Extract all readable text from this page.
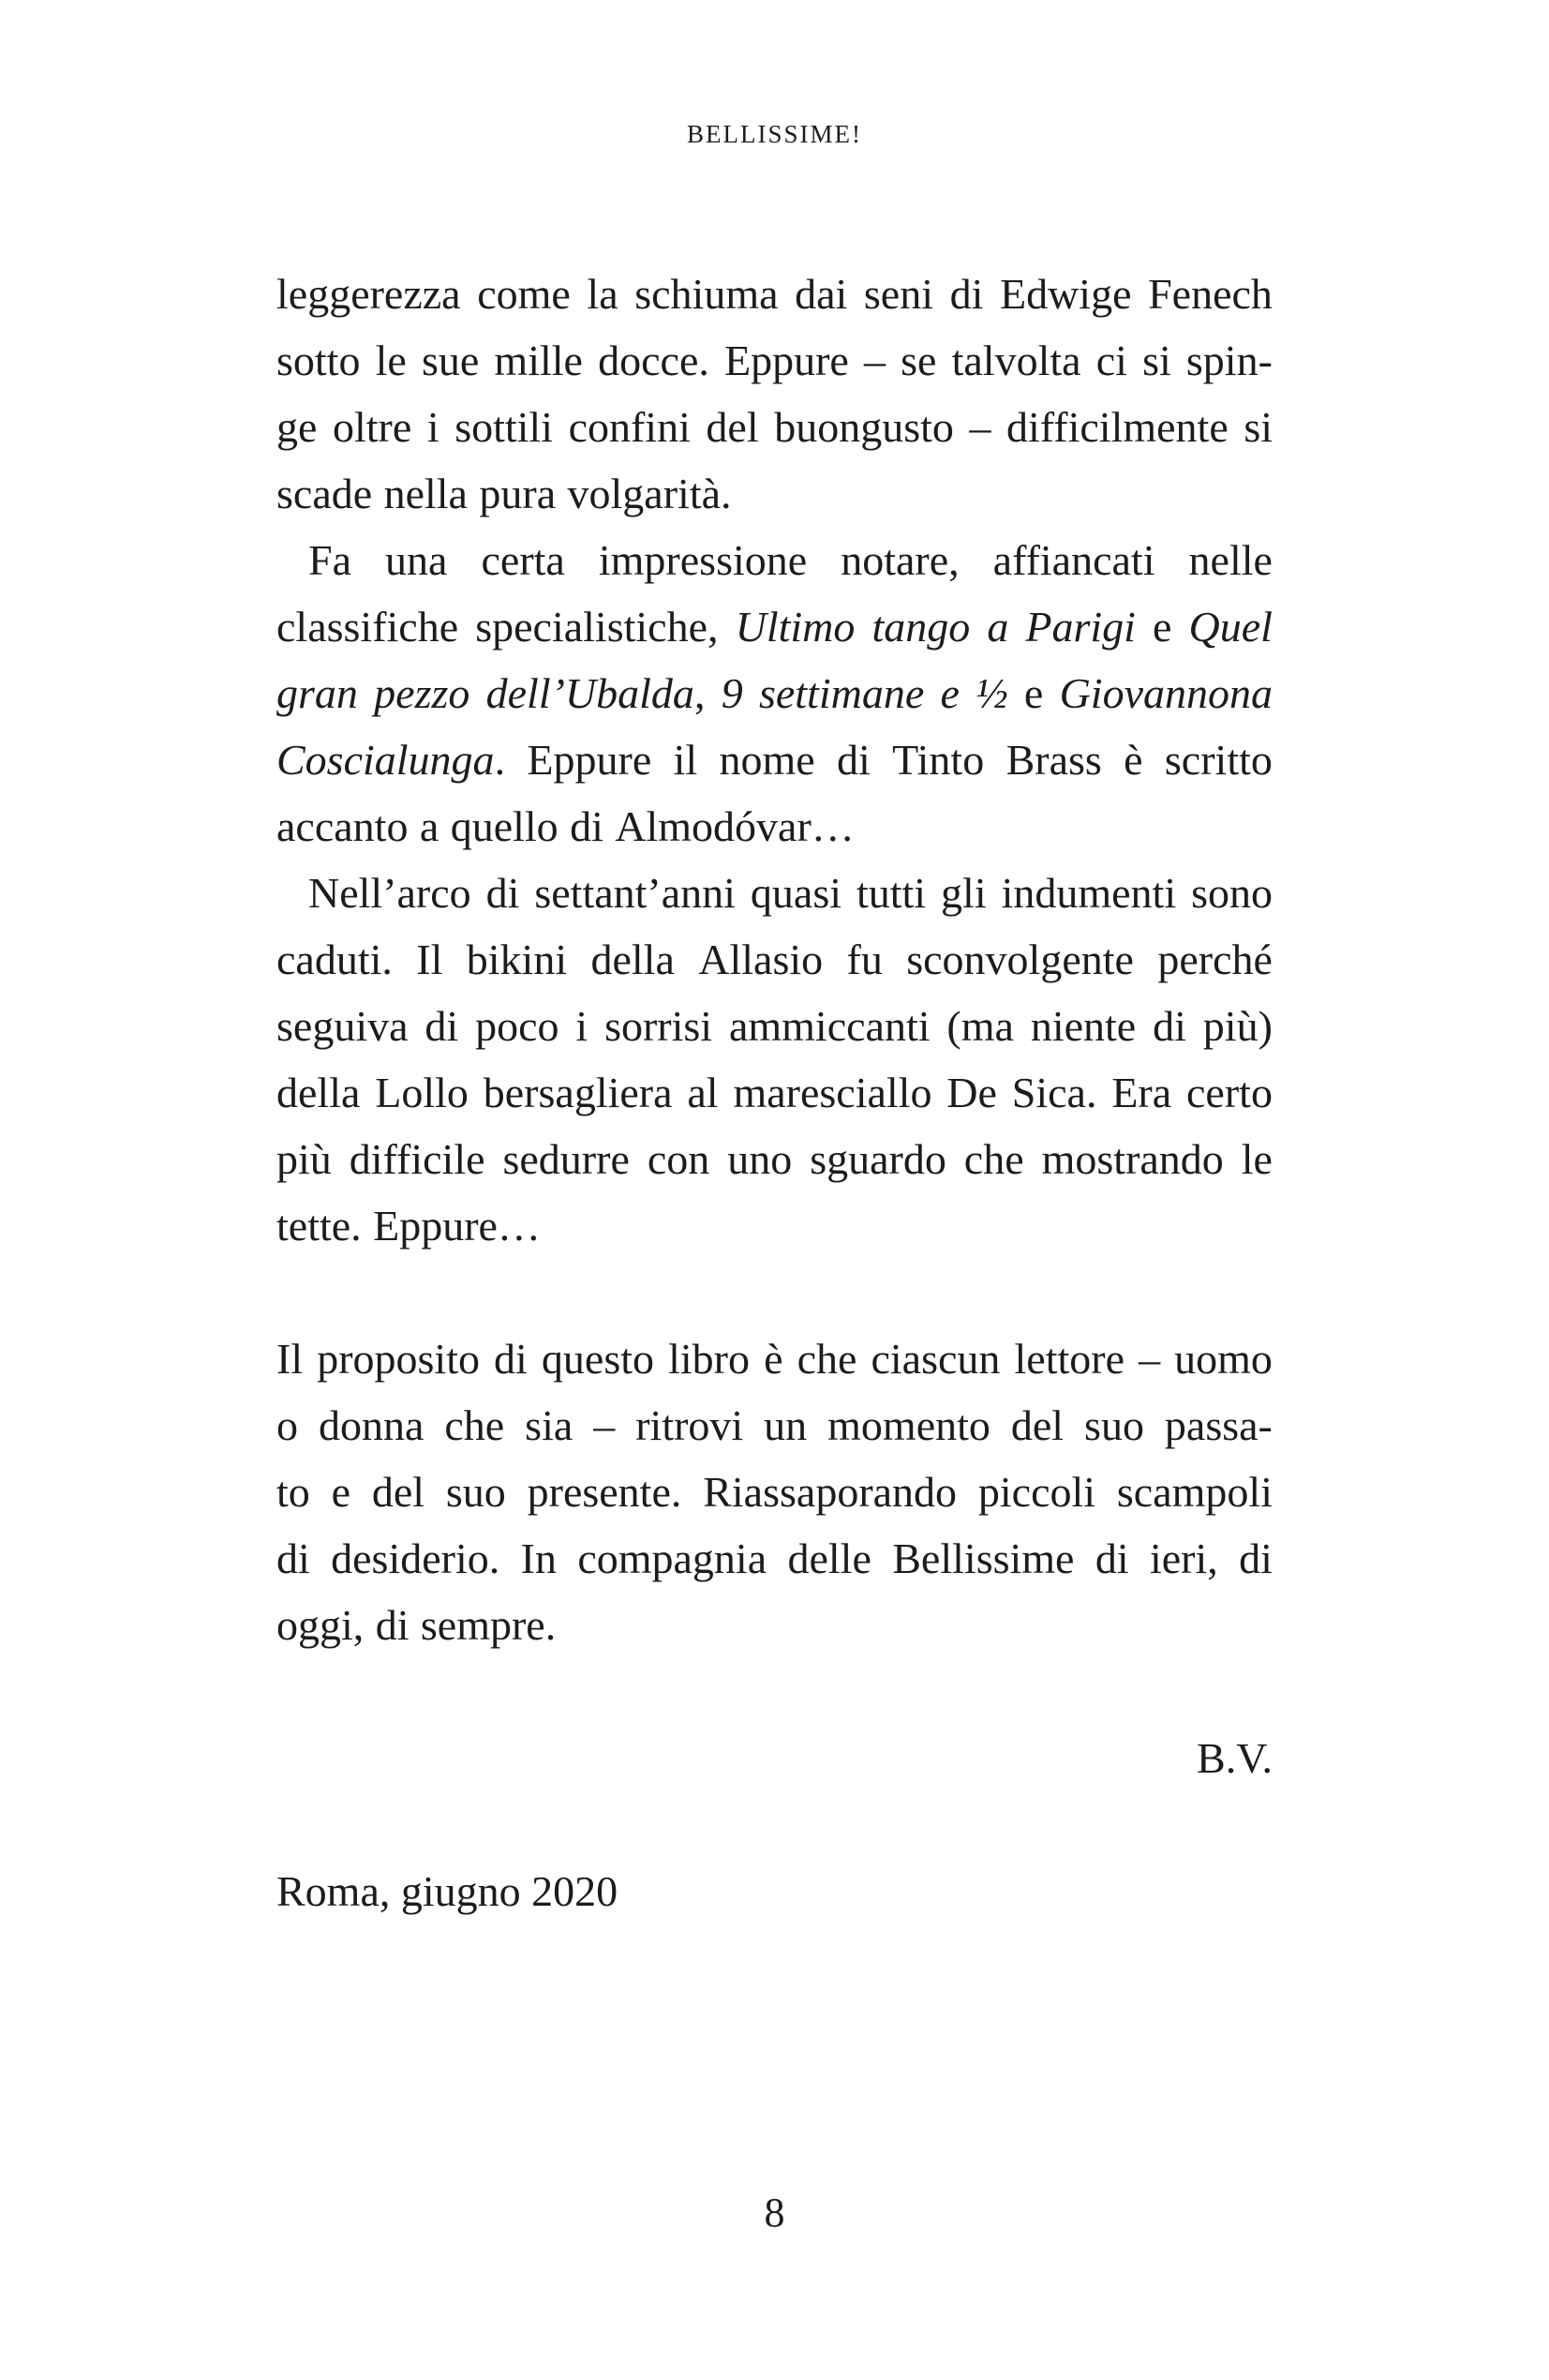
BELLISSIME!
leggerezza come la schiuma dai seni di Edwige Fenech
sotto le sue mille docce. Eppure – se talvolta ci si spin-
ge oltre i sottili confini del buongusto – difficilmente si
scade nella pura volgarità.
Fa una certa impressione notare, affiancati nelle
classifiche specialistiche, Ultimo tango a Parigi e Quel
gran pezzo dell’Ubalda, 9 settimane e ½ e Giovannona
Coscialunga. Eppure il nome di Tinto Brass è scritto
accanto a quello di Almodóvar…
Nell’arco di settant’anni quasi tutti gli indumenti sono
caduti. Il bikini della Allasio fu sconvolgente perché
seguiva di poco i sorrisi ammiccanti (ma niente di più)
della Lollo bersagliera al maresciallo De Sica. Era certo
più difficile sedurre con uno sguardo che mostrando le
tette. Eppure…
Il proposito di questo libro è che ciascun lettore – uomo
o donna che sia – ritrovi un momento del suo passa-
to e del suo presente. Riassaporando piccoli scampoli
di desiderio. In compagnia delle Bellissime di ieri, di
oggi, di sempre.
B.V.
Roma, giugno 2020
8
